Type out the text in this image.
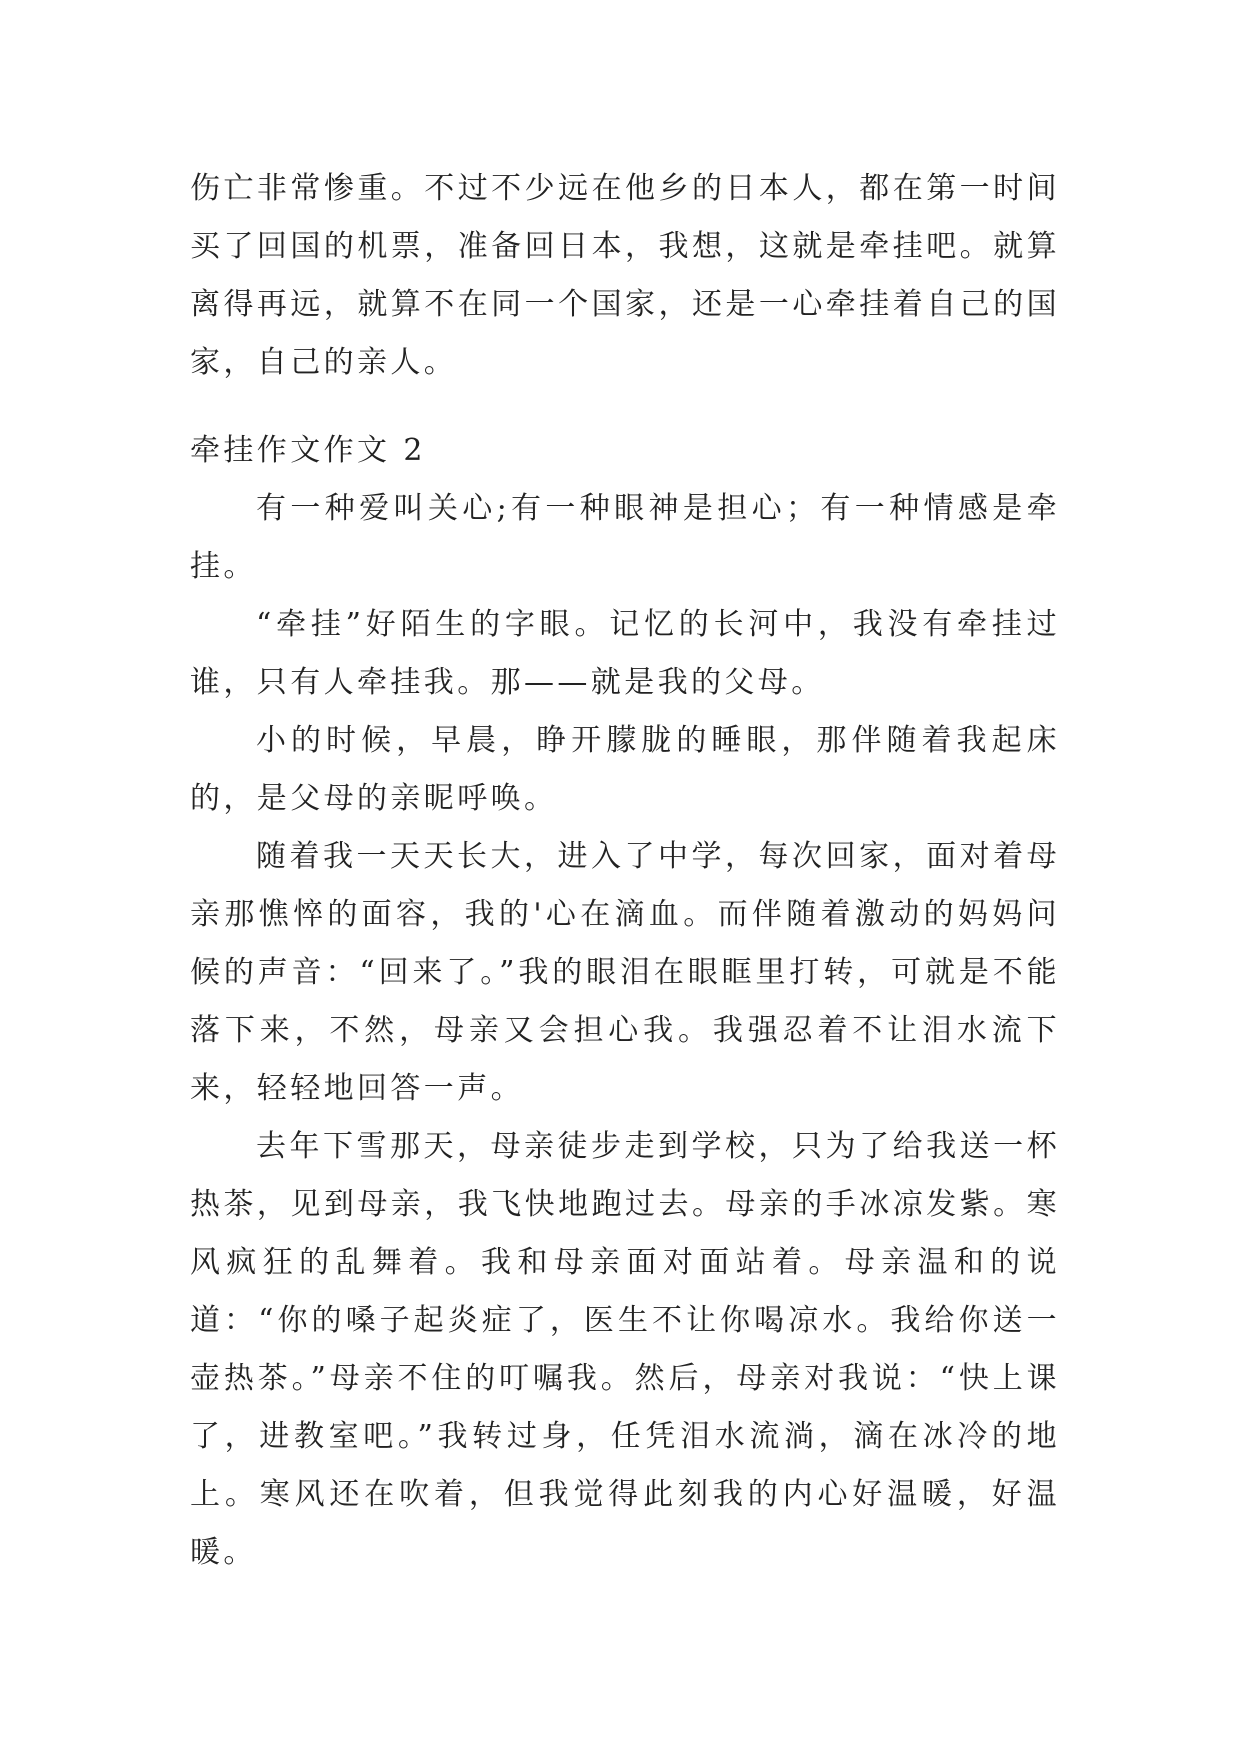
伤亡非常惨重。不过不少远在他乡的日本人，都在第一时间买了回国的机票，准备回日本，我想，这就是牵挂吧。就算离得再远，就算不在同一个国家，还是一心牵挂着自己的国家，自己的亲人。

牵挂作文作文 2

有一种爱叫关心;有一种眼神是担心；有一种情感是牵挂。

“牵挂”好陌生的字眼。记忆的长河中，我没有牵挂过谁，只有人牵挂我。那——就是我的父母。

小的时候，早晨，睁开朦胧的睡眼，那伴随着我起床的，是父母的亲昵呼唤。

随着我一天天长大，进入了中学，每次回家，面对着母亲那憔悴的面容，我的'心在滴血。而伴随着激动的妈妈问候的声音：“回来了。”我的眼泪在眼眶里打转，可就是不能落下来，不然，母亲又会担心我。我强忍着不让泪水流下来，轻轻地回答一声。

去年下雪那天，母亲徒步走到学校，只为了给我送一杯热茶，见到母亲，我飞快地跑过去。母亲的手冰凉发紫。寒风疯狂的乱舞着。我和母亲面对面站着。母亲温和的说道：“你的嗓子起炎症了，医生不让你喝凉水。我给你送一壶热茶。”母亲不住的叮嘱我。然后，母亲对我说：“快上课了，进教室吧。”我转过身，任凭泪水流淌，滴在冰冷的地上。寒风还在吹着，但我觉得此刻我的内心好温暖，好温暖。
